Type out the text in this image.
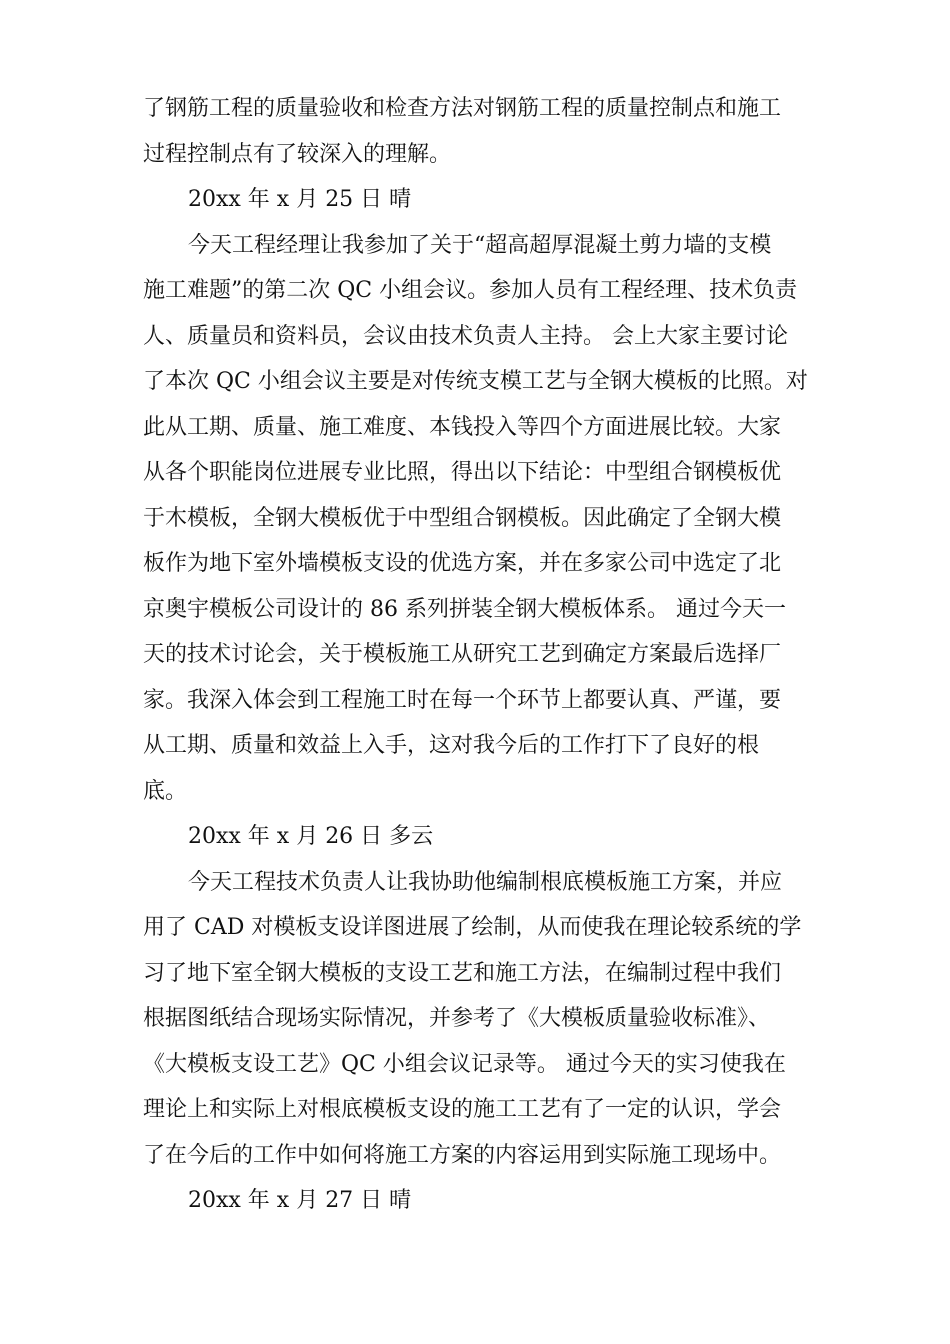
了钢筋工程的质量验收和检查方法对钢筋工程的质量控制点和施工
过程控制点有了较深入的理解。
20xx 年 x 月 25 日 晴
今天工程经理让我参加了关于“超高超厚混凝土剪力墙的支模
施工难题”的第二次 QC 小组会议。参加人员有工程经理、技术负责
人、质量员和资料员，会议由技术负责人主持。 会上大家主要讨论
了本次 QC 小组会议主要是对传统支模工艺与全钢大模板的比照。对
此从工期、质量、施工难度、本钱投入等四个方面进展比较。大家
从各个职能岗位进展专业比照，得出以下结论：中型组合钢模板优
于木模板，全钢大模板优于中型组合钢模板。因此确定了全钢大模
板作为地下室外墙模板支设的优选方案，并在多家公司中选定了北
京奥宇模板公司设计的 86 系列拼装全钢大模板体系。 通过今天一
天的技术讨论会，关于模板施工从研究工艺到确定方案最后选择厂
家。我深入体会到工程施工时在每一个环节上都要认真、严谨，要
从工期、质量和效益上入手，这对我今后的工作打下了良好的根
底。
20xx 年 x 月 26 日 多云
今天工程技术负责人让我协助他编制根底模板施工方案，并应
用了 CAD 对模板支设详图进展了绘制，从而使我在理论较系统的学
习了地下室全钢大模板的支设工艺和施工方法，在编制过程中我们
根据图纸结合现场实际情况，并参考了《大模板质量验收标准》、
《大模板支设工艺》QC 小组会议记录等。 通过今天的实习使我在
理论上和实际上对根底模板支设的施工工艺有了一定的认识，学会
了在今后的工作中如何将施工方案的内容运用到实际施工现场中。
20xx 年 x 月 27 日 晴
